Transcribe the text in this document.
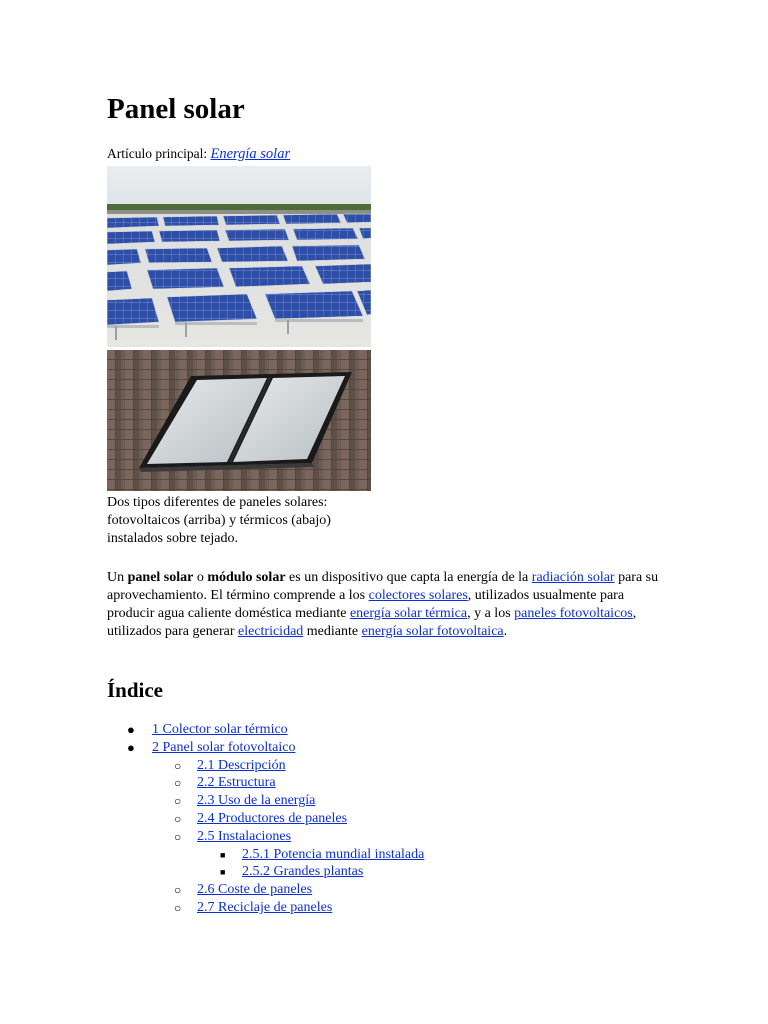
Panel solar
Artículo principal: Energía solar
Dos tipos diferentes de paneles solares: fotovoltaicos (arriba) y térmicos (abajo) instalados sobre tejado.

Un panel solar o módulo solar es un dispositivo que capta la energía de la radiación solar para su aprovechamiento. El término comprende a los colectores solares, utilizados usualmente para producir agua caliente doméstica mediante energía solar térmica, y a los paneles fotovoltaicos, utilizados para generar electricidad mediante energía solar fotovoltaica.

Índice
● 1 Colector solar térmico
● 2 Panel solar fotovoltaico
○ 2.1 Descripción
○ 2.2 Estructura
○ 2.3 Uso de la energía
○ 2.4 Productores de paneles
○ 2.5 Instalaciones
■ 2.5.1 Potencia mundial instalada
■ 2.5.2 Grandes plantas
○ 2.6 Coste de paneles
○ 2.7 Reciclaje de paneles
